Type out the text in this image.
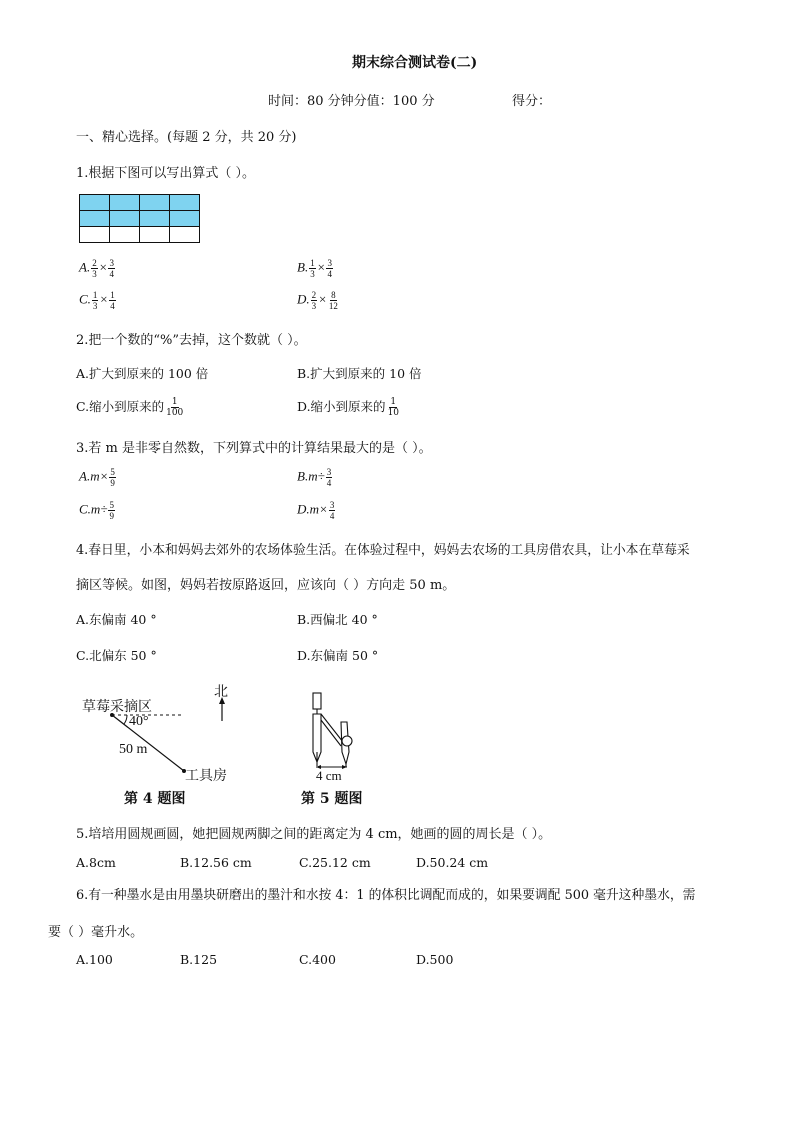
期末综合测试卷(二)
时间：80 分钟分值：100 分	得分：
一、精心选择。(每题 2 分，共 20 分)
1.根据下图可以写出算式（ ）。

A. $\frac{2}{3} \times \frac{3}{4}$	B. $\frac{1}{3} \times \frac{3}{4}$
C. $\frac{1}{3} \times \frac{1}{4}$	D. $\frac{2}{3} \times \frac{8}{12}$
2.把一个数的“%”去掉，这个数就（ ）。
A.扩大到原来的 100 倍	B.扩大到原来的 10 倍
C.缩小到原来的 $\frac{1}{100}$	D.缩小到原来的 $\frac{1}{10}$
3.若 m 是非零自然数，下列算式中的计算结果最大的是（ ）。
$A.m\times \frac{5}{9}$	$B.m\div \frac{3}{4}$
$C.m\div \frac{5}{9}$	$D.m\times \frac{3}{4}$
4.春日里，小本和妈妈去郊外的农场体验生活。在体验过程中，妈妈去农场的工具房借农具，让小本在草莓采
摘区等候。如图，妈妈若按原路返回，应该向（ ）方向走 50 m。
A.东偏南 40 °	B.西偏北 40 °
C.北偏东 50 °	D.东偏南 50 °
草莓采摘区
北
40°
50 m
工具房
第 4 题图
4 cm
第 5 题图
5.培培用圆规画圆，她把圆规两脚之间的距离定为 4 cm，她画的圆的周长是（ ）。
A.8cm	B.12.56 cm	C.25.12 cm	D.50.24 cm
6.有一种墨水是由用墨块研磨出的墨汁和水按 4：1 的体积比调配而成的，如果要调配 500 毫升这种墨水，需
要（ ）毫升水。
A.100	B.125	C.400	D.500
